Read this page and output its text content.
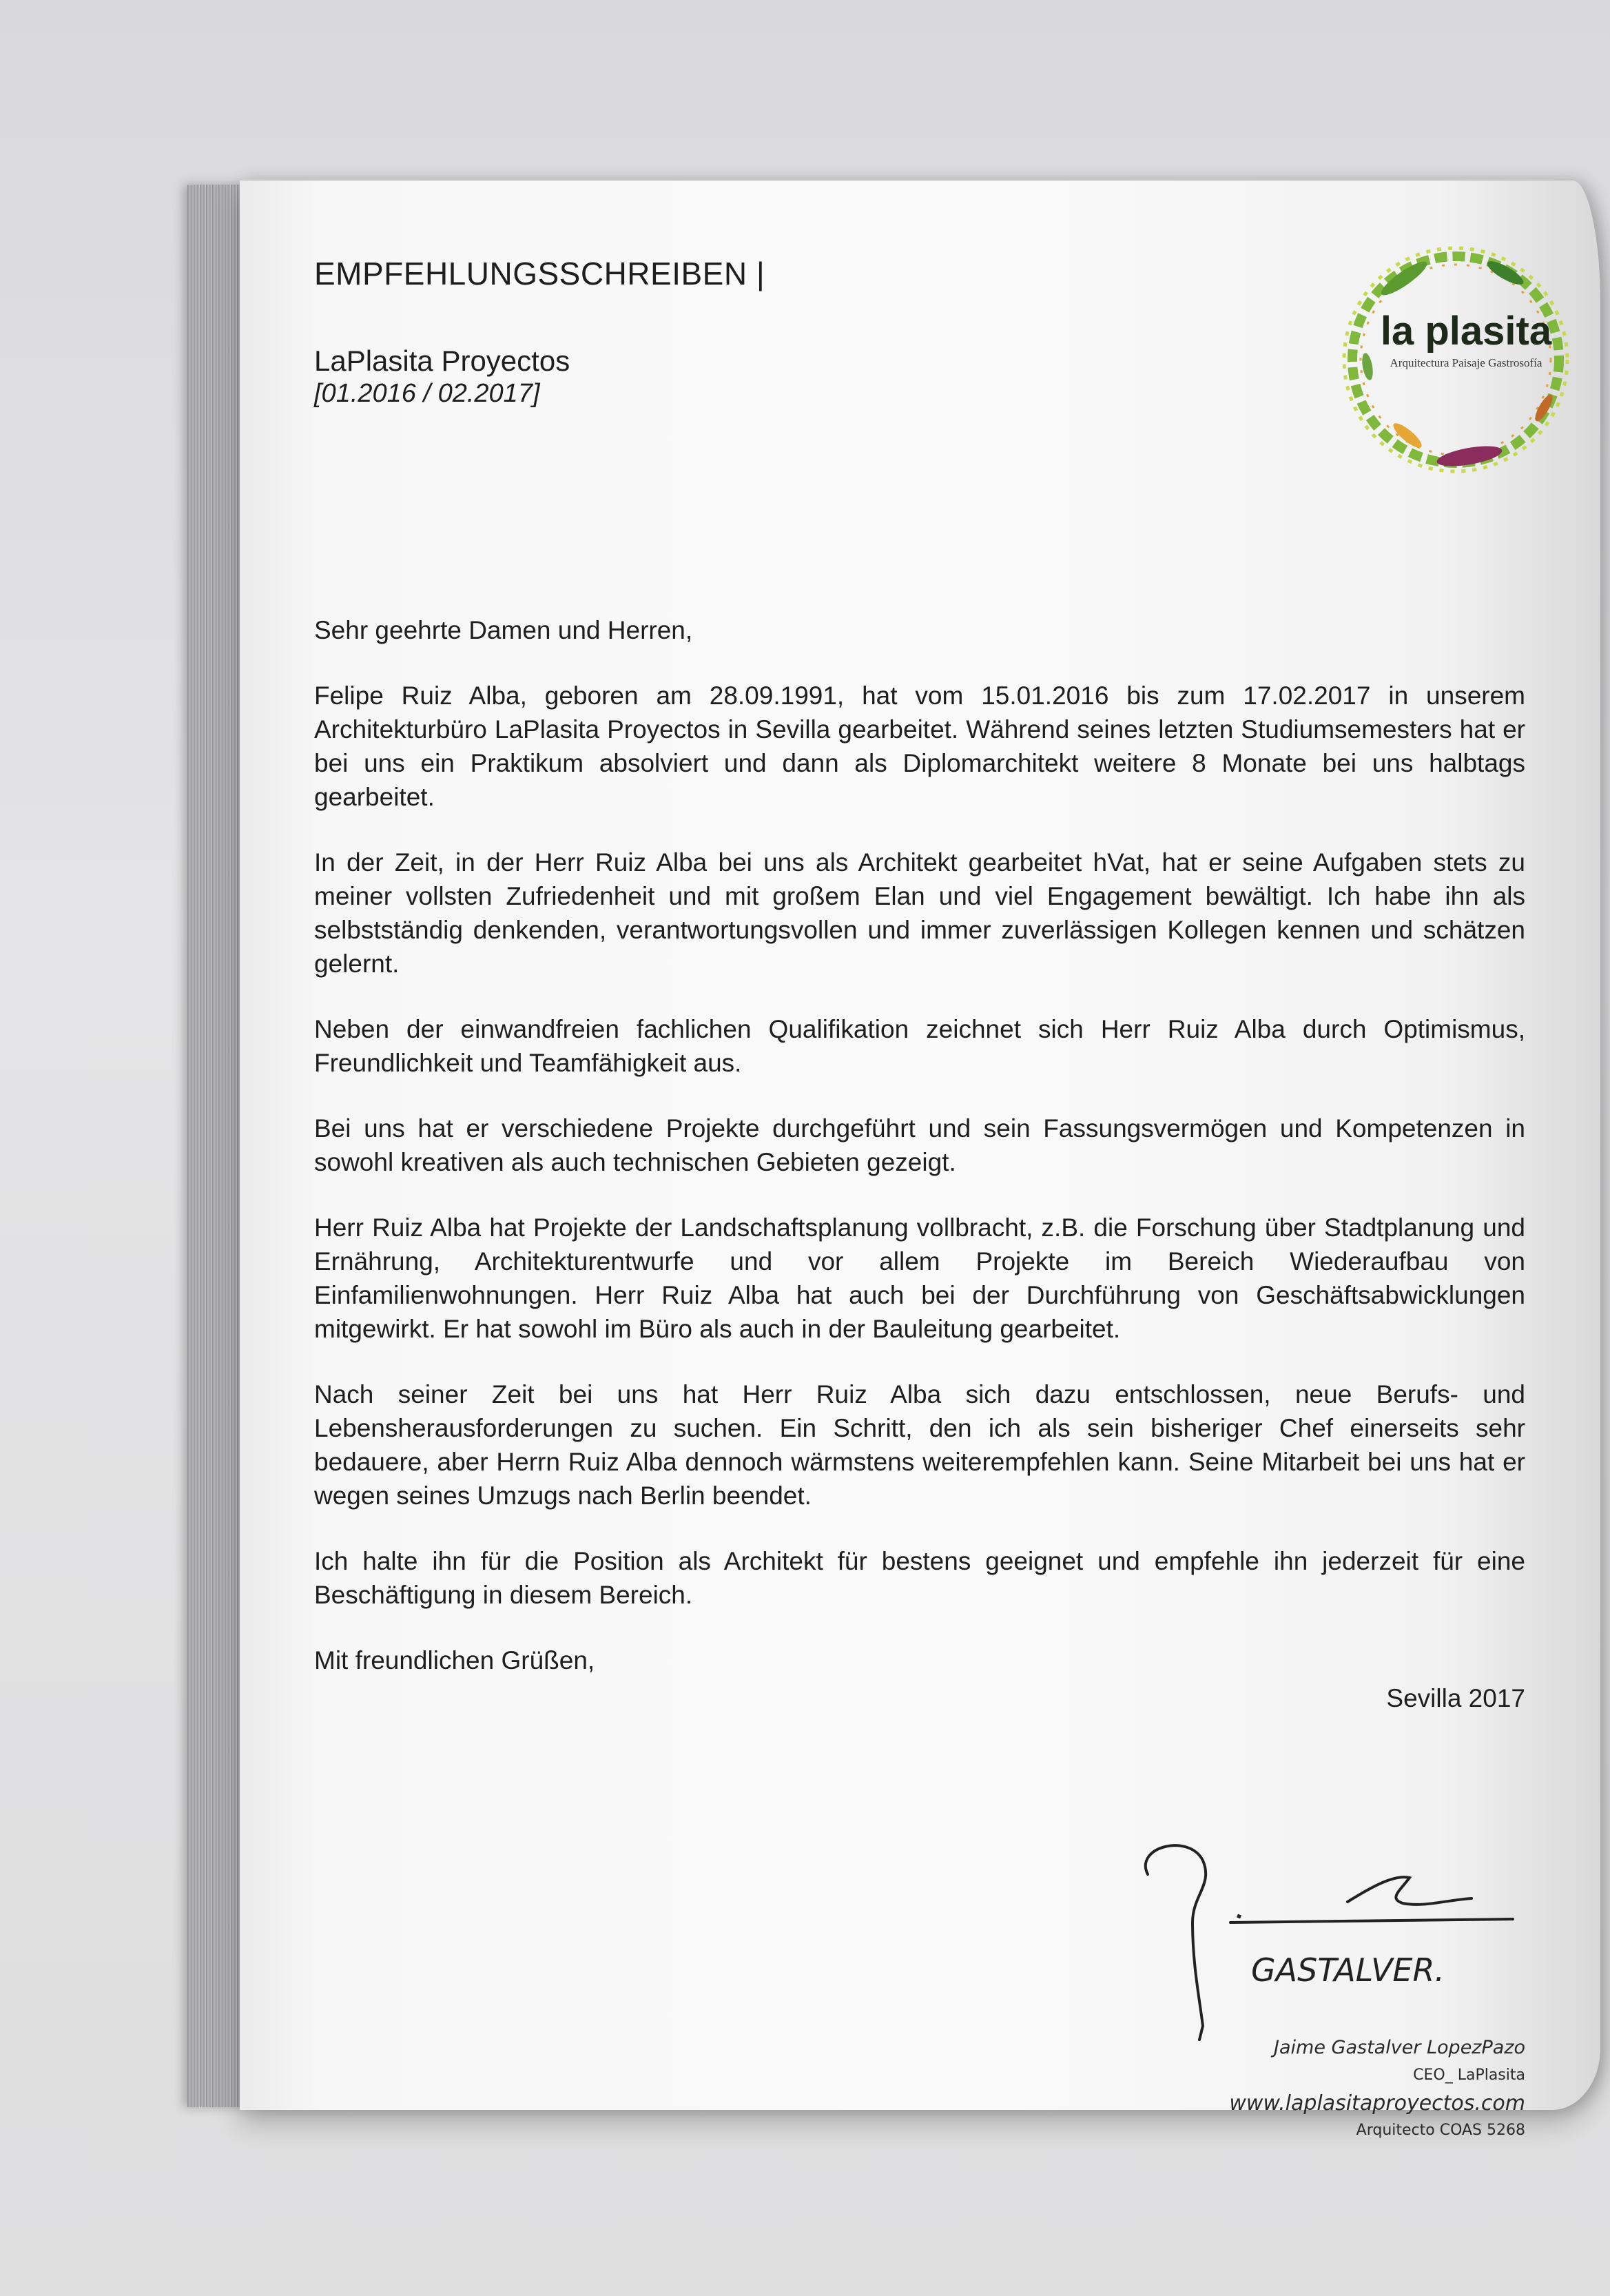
EMPFEHLUNGSSCHREIBEN |
LaPlasita Proyectos
[01.2016 / 02.2017]

Sehr geehrte Damen und Herren,

Felipe Ruiz Alba, geboren am 28.09.1991, hat vom 15.01.2016 bis zum 17.02.2017 in unserem Architekturbüro LaPlasita Proyectos in Sevilla gearbeitet. Während seines letzten Studiumsemesters hat er bei uns ein Praktikum absolviert und dann als Diplomarchitekt weitere 8 Monate bei uns halbtags gearbeitet.

In der Zeit, in der Herr Ruiz Alba bei uns als Architekt gearbeitet hVat, hat er seine Aufgaben stets zu meiner vollsten Zufriedenheit und mit großem Elan und viel Engagement bewältigt. Ich habe ihn als selbstständig denkenden, verantwortungsvollen und immer zuverlässigen Kollegen kennen und schätzen gelernt.

Neben der einwandfreien fachlichen Qualifikation zeichnet sich Herr Ruiz Alba durch Optimismus, Freundlichkeit und Teamfähigkeit aus.

Bei uns hat er verschiedene Projekte durchgeführt und sein Fassungsvermögen und Kompetenzen in sowohl kreativen als auch technischen Gebieten gezeigt.

Herr Ruiz Alba hat Projekte der Landschaftsplanung vollbracht, z.B. die Forschung über Stadtplanung und Ernährung, Architekturentwurfe und vor allem Projekte im Bereich Wiederaufbau von Einfamilienwohnungen. Herr Ruiz Alba hat auch bei der Durchführung von Geschäftsabwicklungen mitgewirkt. Er hat sowohl im Büro als auch in der Bauleitung gearbeitet.

Nach seiner Zeit bei uns hat Herr Ruiz Alba sich dazu entschlossen, neue Berufs- und Lebensherausforderungen zu suchen. Ein Schritt, den ich als sein bisheriger Chef einerseits sehr bedauere, aber Herrn Ruiz Alba dennoch wärmstens weiterempfehlen kann. Seine Mitarbeit bei uns hat er wegen seines Umzugs nach Berlin beendet.

Ich halte ihn für die Position als Architekt für bestens geeignet und empfehle ihn jederzeit für eine Beschäftigung in diesem Bereich.

Mit freundlichen Grüßen,

Sevilla 2017

GASTALVER.
Jaime Gastalver LopezPazo
CEO_ LaPlasita
www.laplasitaproyectos.com
Arquitecto COAS 5268
la plasita
Arquitectura Paisaje Gastrosofía
